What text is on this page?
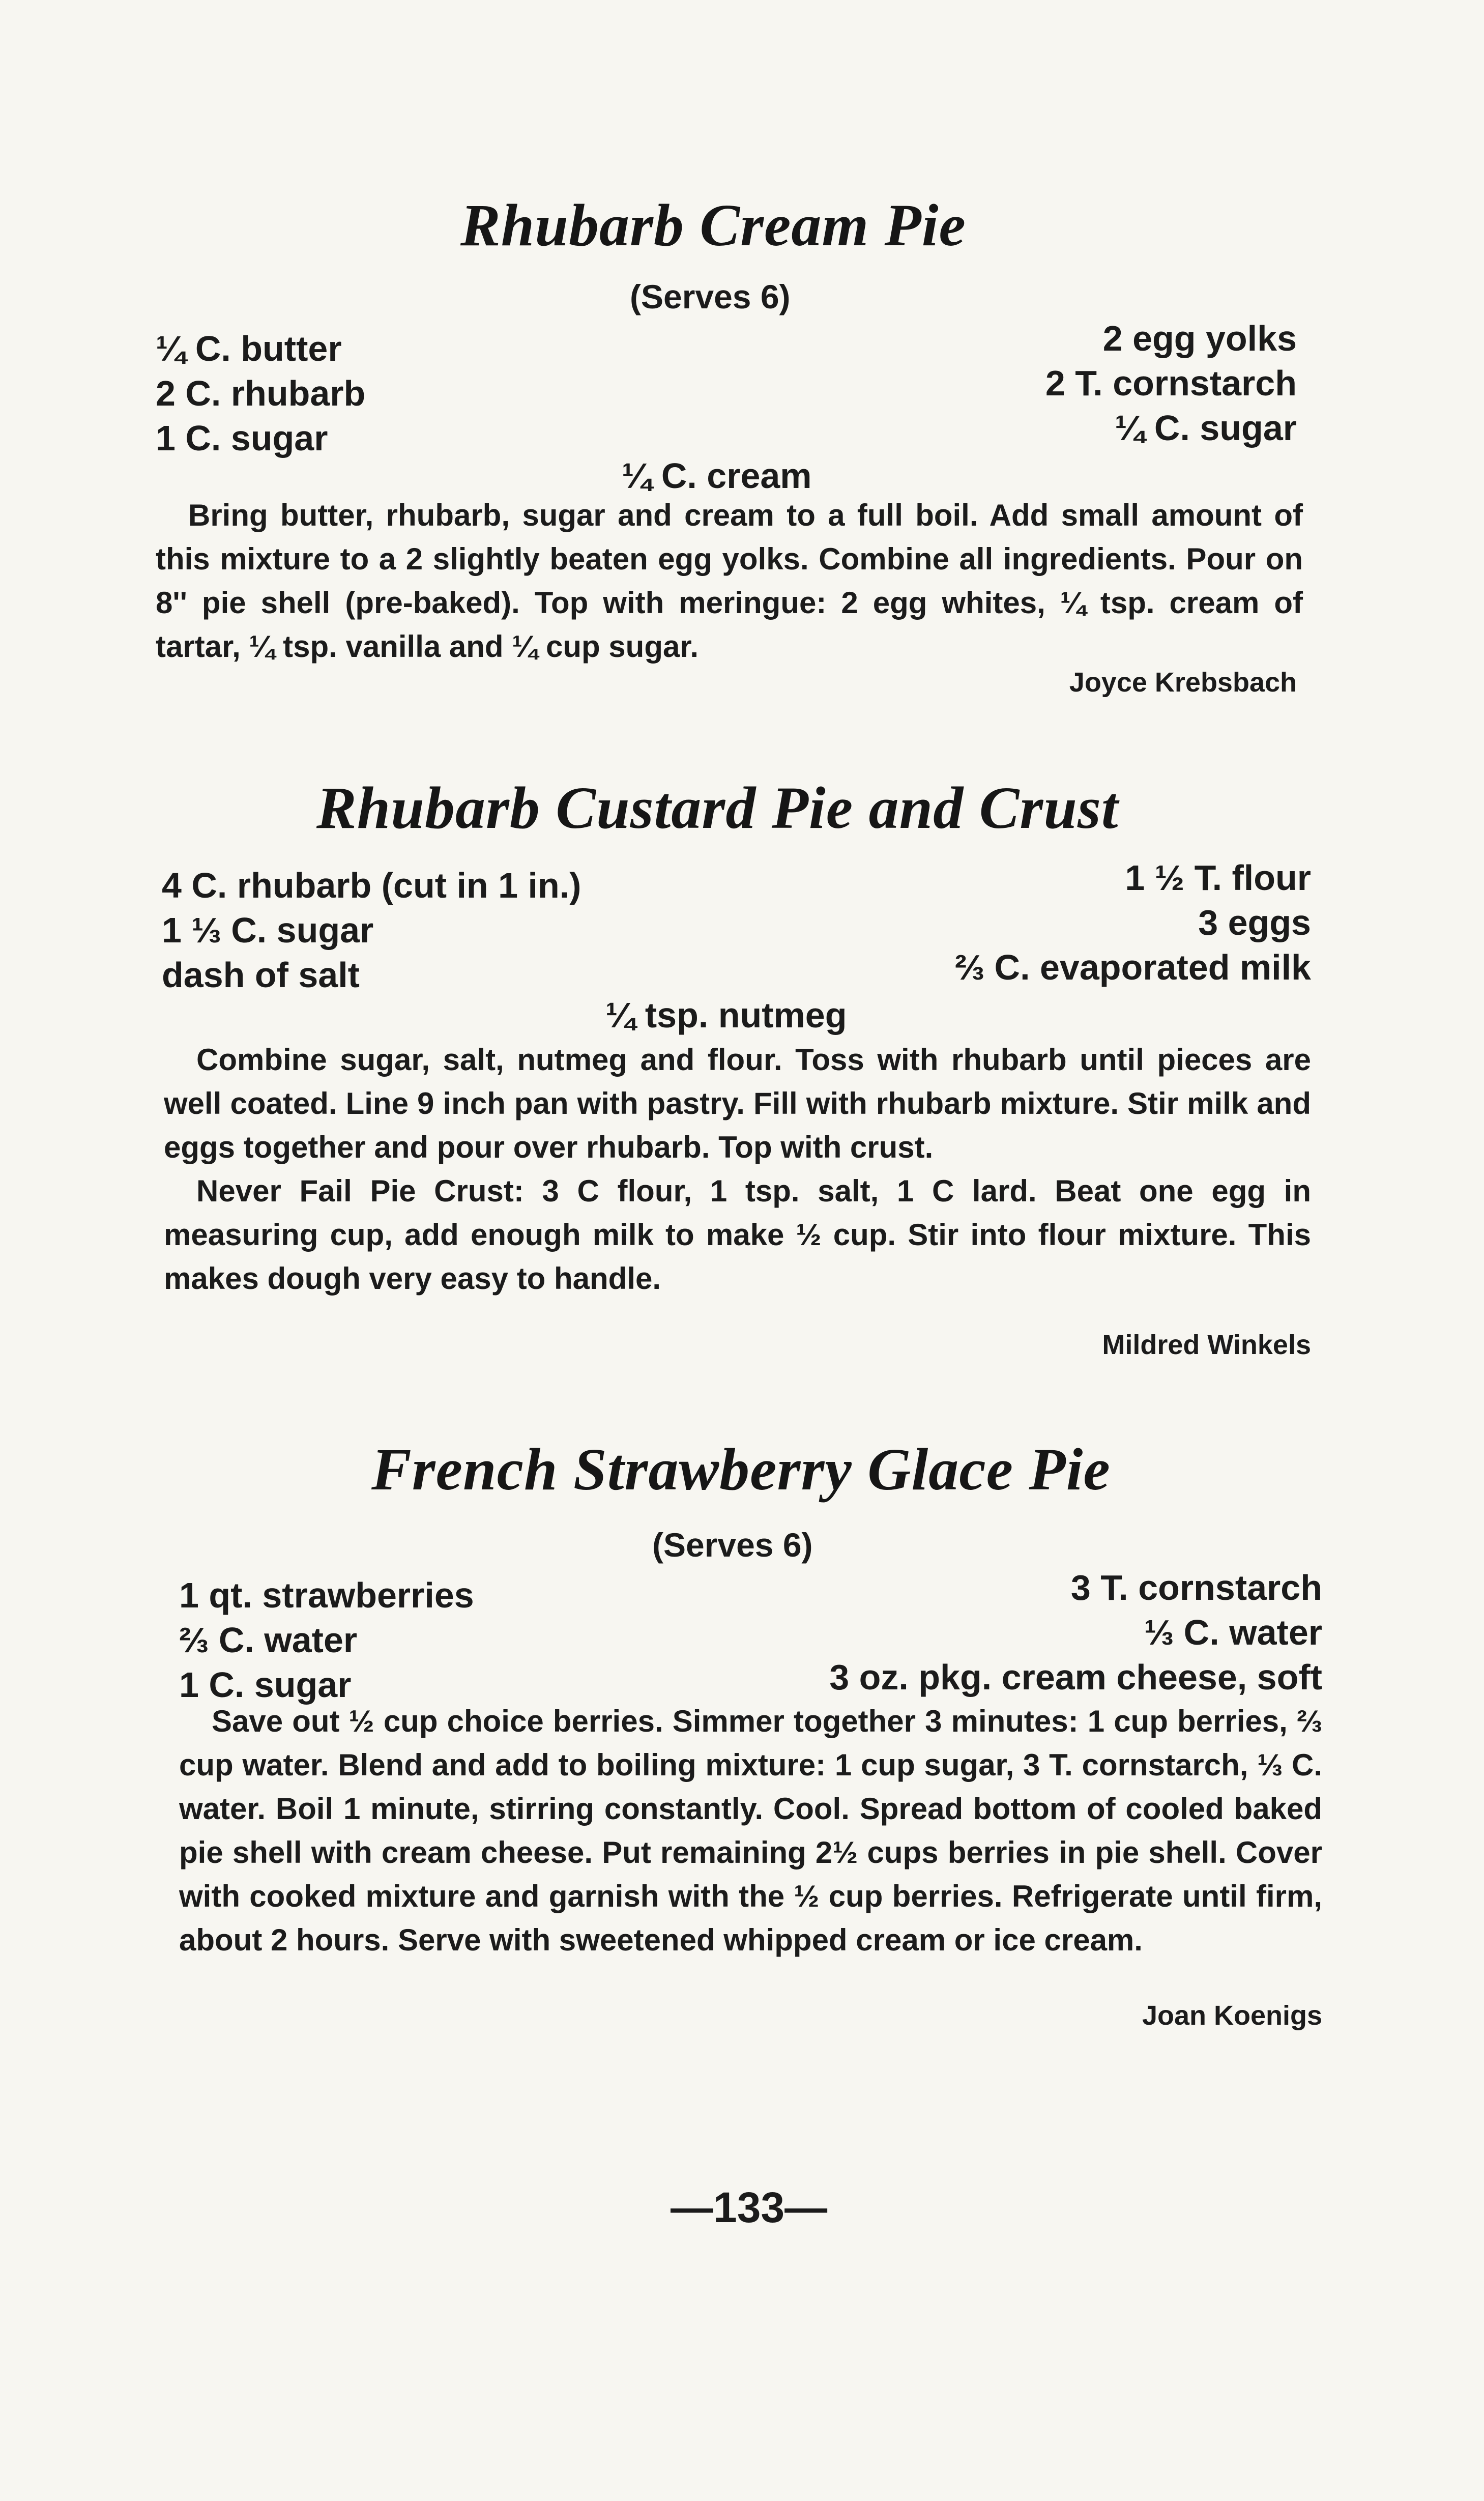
Rhubarb Cream Pie
(Serves 6)
¼ C. butter
2 C. rhubarb
1 C. sugar
2 egg yolks
2 T. cornstarch
¼ C. sugar
¼ C. cream

Bring butter, rhubarb, sugar and cream to a full boil. Add small amount of this mixture to a 2 slightly beaten egg yolks. Combine all ingredients. Pour on 8'' pie shell (pre-baked). Top with meringue: 2 egg whites, ¼ tsp. cream of tartar, ¼ tsp. vanilla and ¼ cup sugar.

Joyce Krebsbach
Rhubarb Custard Pie and Crust
4 C. rhubarb (cut in 1 in.)
1 ⅓ C. sugar
dash of salt
1 ½ T. flour
3 eggs
⅔ C. evaporated milk
¼ tsp. nutmeg

Combine sugar, salt, nutmeg and flour. Toss with rhubarb until pieces are well coated. Line 9 inch pan with pastry. Fill with rhubarb mixture. Stir milk and eggs together and pour over rhubarb. Top with crust.

Never Fail Pie Crust: 3 C flour, 1 tsp. salt, 1 C lard. Beat one egg in measuring cup, add enough milk to make ½ cup. Stir into flour mixture. This makes dough very easy to handle.

Mildred Winkels
French Strawberry Glace Pie
(Serves 6)
1 qt. strawberries
⅔ C. water
1 C. sugar
3 T. cornstarch
⅓ C. water
3 oz. pkg. cream cheese, soft

Save out ½ cup choice berries. Simmer together 3 minutes: 1 cup berries, ⅔ cup water. Blend and add to boiling mixture: 1 cup sugar, 3 T. cornstarch, ⅓ C. water. Boil 1 minute, stirring constantly. Cool. Spread bottom of cooled baked pie shell with cream cheese. Put remaining 2½ cups berries in pie shell. Cover with cooked mixture and garnish with the ½ cup berries. Refrigerate until firm, about 2 hours. Serve with sweetened whipped cream or ice cream.

Joan Koenigs
—133—
